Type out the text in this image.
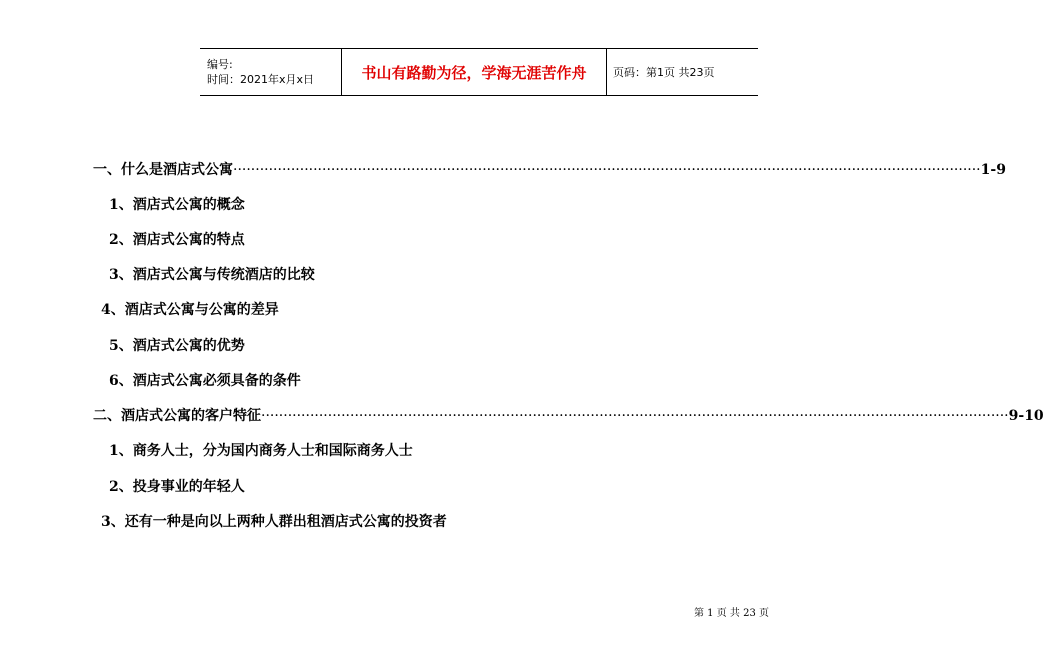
编号:
时间：2021年x月x日	书山有路勤为径，学海无涯苦作舟	页码：第1页 共23页
一、什么是酒店式公寓 ········································································································································································ 1-9
1、酒店式公寓的概念
2、酒店式公寓的特点
3、酒店式公寓与传统酒店的比较
4、酒店式公寓与公寓的差异
5、酒店式公寓的优势
6、酒店式公寓必须具备的条件
二、酒店式公寓的客户特征 ········································································································································································ 9-10
1、商务人士，分为国内商务人士和国际商务人士
2、投身事业的年轻人
3、还有一种是向以上两种人群出租酒店式公寓的投资者
第 1 页 共 23 页
